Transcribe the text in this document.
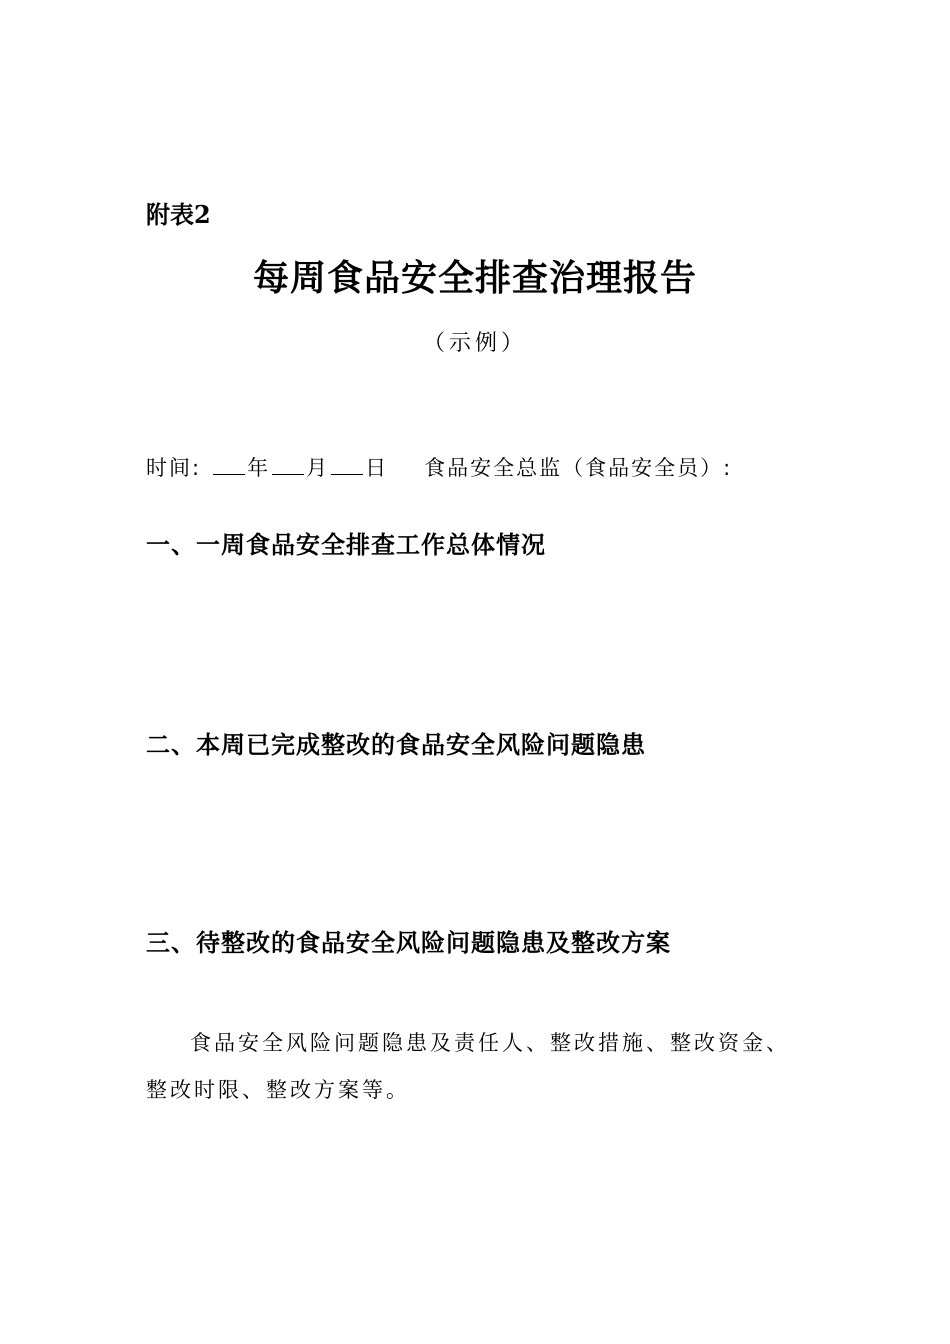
附表2
每周食品安全排查治理报告
（示例）
时间: 年 月 日 食品安全总监（食品安全员）:
一、一周食品安全排查工作总体情况
二、本周已完成整改的食品安全风险问题隐患
三、待整改的食品安全风险问题隐患及整改方案
食品安全风险问题隐患及责任人、整改措施、整改资金、整改时限、整改方案等。
